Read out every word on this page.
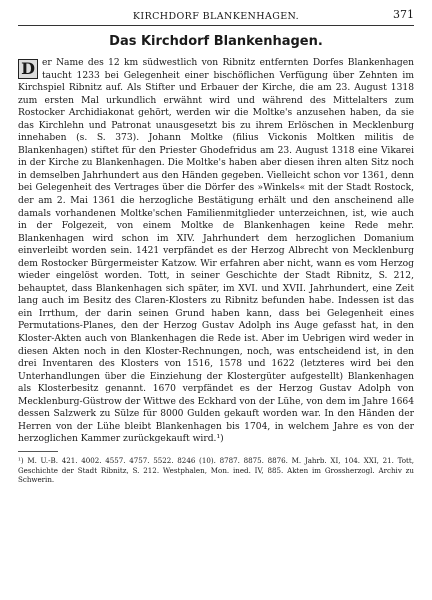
KIRCHDORF BLANKENHAGEN.	371
Das Kirchdorf Blankenhagen.
D er Name des 12 km südwestlich von Ribnitz entfernten Dorfes Blankenhagen taucht 1233 bei Gelegenheit einer bischöflichen Verfügung über Zehnten im Kirchspiel Ribnitz auf. Als Stifter und Erbauer der Kirche, die am 23. August 1318 zum ersten Mal urkundlich erwähnt wird und während des Mittelalters zum Rostocker Archidiakonat gehört, werden wir die Moltke's anzusehen haben, da sie das Kirchlehn und Patronat unausgesetzt bis zu ihrem Erlöschen in Mecklenburg innehaben (s. S. 373). Johann Moltke (filius Vickonis Moltken militis de Blankenhagen) stiftet für den Priester Ghodefridus am 23. August 1318 eine Vikarei in der Kirche zu Blankenhagen. Die Moltke's haben aber diesen ihren alten Sitz noch in demselben Jahrhundert aus den Händen gegeben. Vielleicht schon vor 1361, denn bei Gelegenheit des Vertrages über die Dörfer des »Winkels« mit der Stadt Rostock, der am 2. Mai 1361 die herzogliche Bestätigung erhält und den anscheinend alle damals vorhandenen Moltke'schen Familienmitglieder unterzeichnen, ist, wie auch in der Folgezeit, von einem Moltke de Blankenhagen keine Rede mehr. Blankenhagen wird schon im XIV. Jahrhundert dem herzoglichen Domanium einverleibt worden sein. 1421 verpfändet es der Herzog Albrecht von Mecklenburg dem Rostocker Bürgermeister Katzow. Wir erfahren aber nicht, wann es vom Herzog wieder eingelöst worden. Tott, in seiner Geschichte der Stadt Ribnitz, S. 212, behauptet, dass Blankenhagen sich später, im XVI. und XVII. Jahrhundert, eine Zeit lang auch im Besitz des Claren-Klosters zu Ribnitz befunden habe. Indessen ist das ein Irrthum, der darin seinen Grund haben kann, dass bei Gelegenheit eines Permutations-Planes, den der Herzog Gustav Adolph ins Auge gefasst hat, in den Kloster-Akten auch von Blankenhagen die Rede ist. Aber im Uebrigen wird weder in diesen Akten noch in den Kloster-Rechnungen, noch, was entscheidend ist, in den drei Inventaren des Klosters von 1516, 1578 und 1622 (letzteres wird bei den Unterhandlungen über die Einziehung der Klostergüter aufgestellt) Blankenhagen als Klosterbesitz genannt. 1670 verpfändet es der Herzog Gustav Adolph von Mecklenburg-Güstrow der Wittwe des Eckhard von der Lühe, von dem im Jahre 1664 dessen Salzwerk zu Sülze für 8000 Gulden gekauft worden war. In den Händen der Herren von der Lühe bleibt Blankenhagen bis 1704, in welchem Jahre es von der herzoglichen Kammer zurückgekauft wird.¹)

¹) M. U.-B. 421. 4002. 4557. 4757. 5522. 8246 (10). 8787. 8875. 8876. M. Jahrb. XI, 104. XXI, 21. Tott, Geschichte der Stadt Ribnitz, S. 212. Westphalen, Mon. ined. IV, 885. Akten im Grossherzogl. Archiv zu Schwerin.
